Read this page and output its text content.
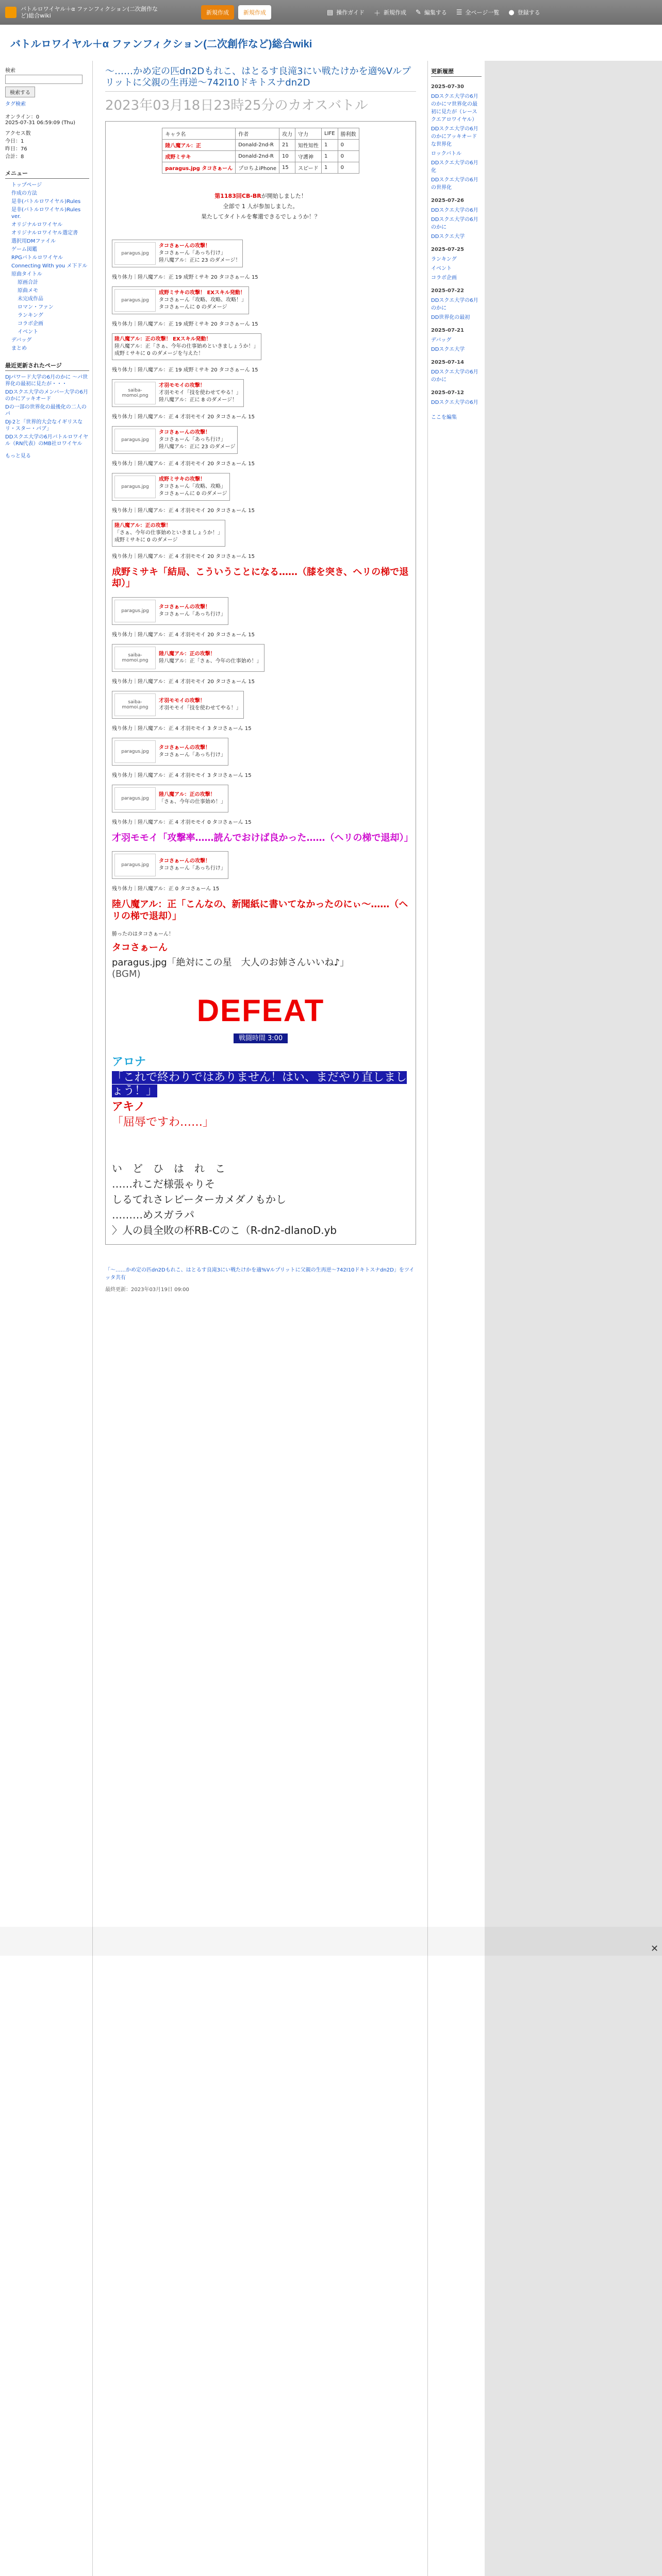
バトルロワイヤル＋α ファンフィクション(二次創作など)総合wiki	新規作成	新規作成	▤ 操作ガイド ＋ 新規作成 ✎ 編集する ☰ 全ページ一覧 ● 登録する
バトルロワイヤル＋α ファンフィクション(二次創作など)総合wiki
検索
検索する
タグ検索
オンライン：0
2025-07-31 06:59:09 (Thu)
アクセス数
今日：1
昨日：76
合計：8
メニュー
トップページ
作成の方法
是非(バトルロワイヤル)Rules
是非(バトルロワイヤル)Rules ver.
オリジナルロワイヤル
オリジナルロワイヤル選定書
選択用DMファイル
ゲーム図鑑
RPGバトルロワイヤル
Connecting With you メ下ドル
原曲タイトル
原画合計
原曲メモ
未完成作品
ロマン・ファン
ランキング
コラボ企画
イベント
デバッグ
まとめ
最近更新されたページ
DJパワード大学の6月のかに ～パ世界化の最初に見たが・・・
DDスクエ大学のメンバー大学の6月のかにアッキオード
Dの一部の世界化の最後化の二人のパ
DJ-2と「世界的大会なイギリスなリ・スター・パブ」
DDスクエ大学の6月バトルロワイヤル（RN代表）のMB社ロワイヤル
もっと見る
～……かめ定の匹dn2Dもれこ、はとるす良滝3にい戦たけかを適%Vルプリットに父親の生再逆～742I10ドキトスナdn2D
2023年03月18日23時25分のカオスバトル
キャラ名	作者	攻力	守力	LIFE	勝利数
陸八魔アル：正	Donald-2nd-R	21	知性知性	1	0
成野ミサキ	Donald-2nd-R	10	守護神	1	0
paragus.jpg タコさぁーん	プロちよiPhone	15	スピード	1	0
第1183回CB-BRが開始しました！
全部で 1 人が参加しました。
果たしてタイトルを奪還できるでしょうか！？
paragus.jpg
タコさぁーんの攻撃！
タコさぁーん「あっち行け」
陸八魔アル：正に 23 のダメージ！
残り体力｜陸八魔アル：正 19 成野ミサキ 20 タコさぁーん 15
paragus.jpg
成野ミサキの攻撃！ EXスキル発動！
タコさぁーん「攻略、攻略、攻略！」
タコさぁーんに 0 のダメージ
残り体力｜陸八魔アル：正 19 成野ミサキ 20 タコさぁーん 15
陸八魔アル：正の攻撃！ EXスキル発動！
陸八魔アル：正「さぁ、今年の仕事始めといきましょうか！」
成野ミサキに 0 のダメージを与えた！
残り体力｜陸八魔アル：正 19 成野ミサキ 20 タコさぁーん 15
saiba-momoi.png
才羽モモイの攻撃！
才羽モモイ「技を使わせてやる！」
陸八魔アル：正に 8 のダメージ！
残り体力｜陸八魔アル：正 4 才羽モモイ 20 タコさぁーん 15
paragus.jpg
タコさぁーんの攻撃！
タコさぁーん「あっち行け」
陸八魔アル：正に 23 のダメージ
残り体力｜陸八魔アル：正 4 才羽モモイ 20 タコさぁーん 15
paragus.jpg
成野ミサキの攻撃！
タコさぁーん「攻略、攻略」
タコさぁーんに 0 のダメージ
残り体力｜陸八魔アル：正 4 才羽モモイ 20 タコさぁーん 15
陸八魔アル：正の攻撃！
「さぁ、今年の仕事始めといきましょうか！」
成野ミサキに 0 のダメージ
残り体力｜陸八魔アル：正 4 才羽モモイ 20 タコさぁーん 15
成野ミサキ「結局、こういうことになる……（膝を突き、ヘリの梯で退却）」
paragus.jpg
タコさぁーんの攻撃！
タコさぁーん「あっち行け」
残り体力｜陸八魔アル：正 4 才羽モモイ 20 タコさぁーん 15
saiba-momoi.png
陸八魔アル：正の攻撃！
陸八魔アル：正「さぁ、今年の仕事始め！」
残り体力｜陸八魔アル：正 4 才羽モモイ 20 タコさぁーん 15
saiba-momoi.png
才羽モモイの攻撃！
才羽モモイ「技を使わせてやる！」
残り体力｜陸八魔アル：正 4 才羽モモイ 3 タコさぁーん 15
paragus.jpg
タコさぁーんの攻撃！
タコさぁーん「あっち行け」
残り体力｜陸八魔アル：正 4 才羽モモイ 3 タコさぁーん 15
paragus.jpg
陸八魔アル：正の攻撃！
「さぁ、今年の仕事始め！」
残り体力｜陸八魔アル：正 4 才羽モモイ 0 タコさぁーん 15
才羽モモイ「攻撃率……読んでおけば良かった……（ヘリの梯で退却）」
paragus.jpg
タコさぁーんの攻撃！
タコさぁーん「あっち行け」
残り体力｜陸八魔アル：正 0 タコさぁーん 15
陸八魔アル：正「こんなの、新聞紙に書いてなかったのにぃ～……（ヘリの梯で退却）」
勝ったのはタコさぁーん！
タコさぁーん
paragus.jpg「絶対にこの星　大人のお姉さんいいね♪」
(BGM)
DEFEAT
戦闘時間 3:00
アロナ
「これで終わりではありません！はい、まだやり直しましょう！」
アキノ
「屈辱ですわ……」
い　ど　ひ　は　れ　こ
……れこだ様張ゃりそ
しるてれさレビーターカメダノもかし
………めスガラパ
〉人の員全敗の杯RB-Cのこ（R-dn2-dlanoD.yb
「～……かめ定の匹dn2Dもれこ、はとるす良滝3にい戦たけかを適%Vルプリットに父親の生再逆～742I10ドキトスナdn2D」をツイッタ共有
最終更新：2023年03月19日 09:00
更新履歴
2025-07-30
DDスクエ大学の6月のかにマ世界化の最初に見たが（レースクエアロワイヤル）
DDスクエ大学の6月のかにアッキオードな世界化
ロックバトル
DDスクエ大学の6月化
DDスクエ大学の6月の世界化
2025-07-26
DDスクエ大学の6月
DDスクエ大学の6月のかに
DDスクエ大学
2025-07-25
ランキング
イベント
コラボ企画
2025-07-22
DDスクエ大学の6月のかに
DD世界化の最初
2025-07-21
デバッグ
DDスクエ大学
2025-07-14
DDスクエ大学の6月のかに
2025-07-12
DDスクエ大学の6月
ここを編集
✕
